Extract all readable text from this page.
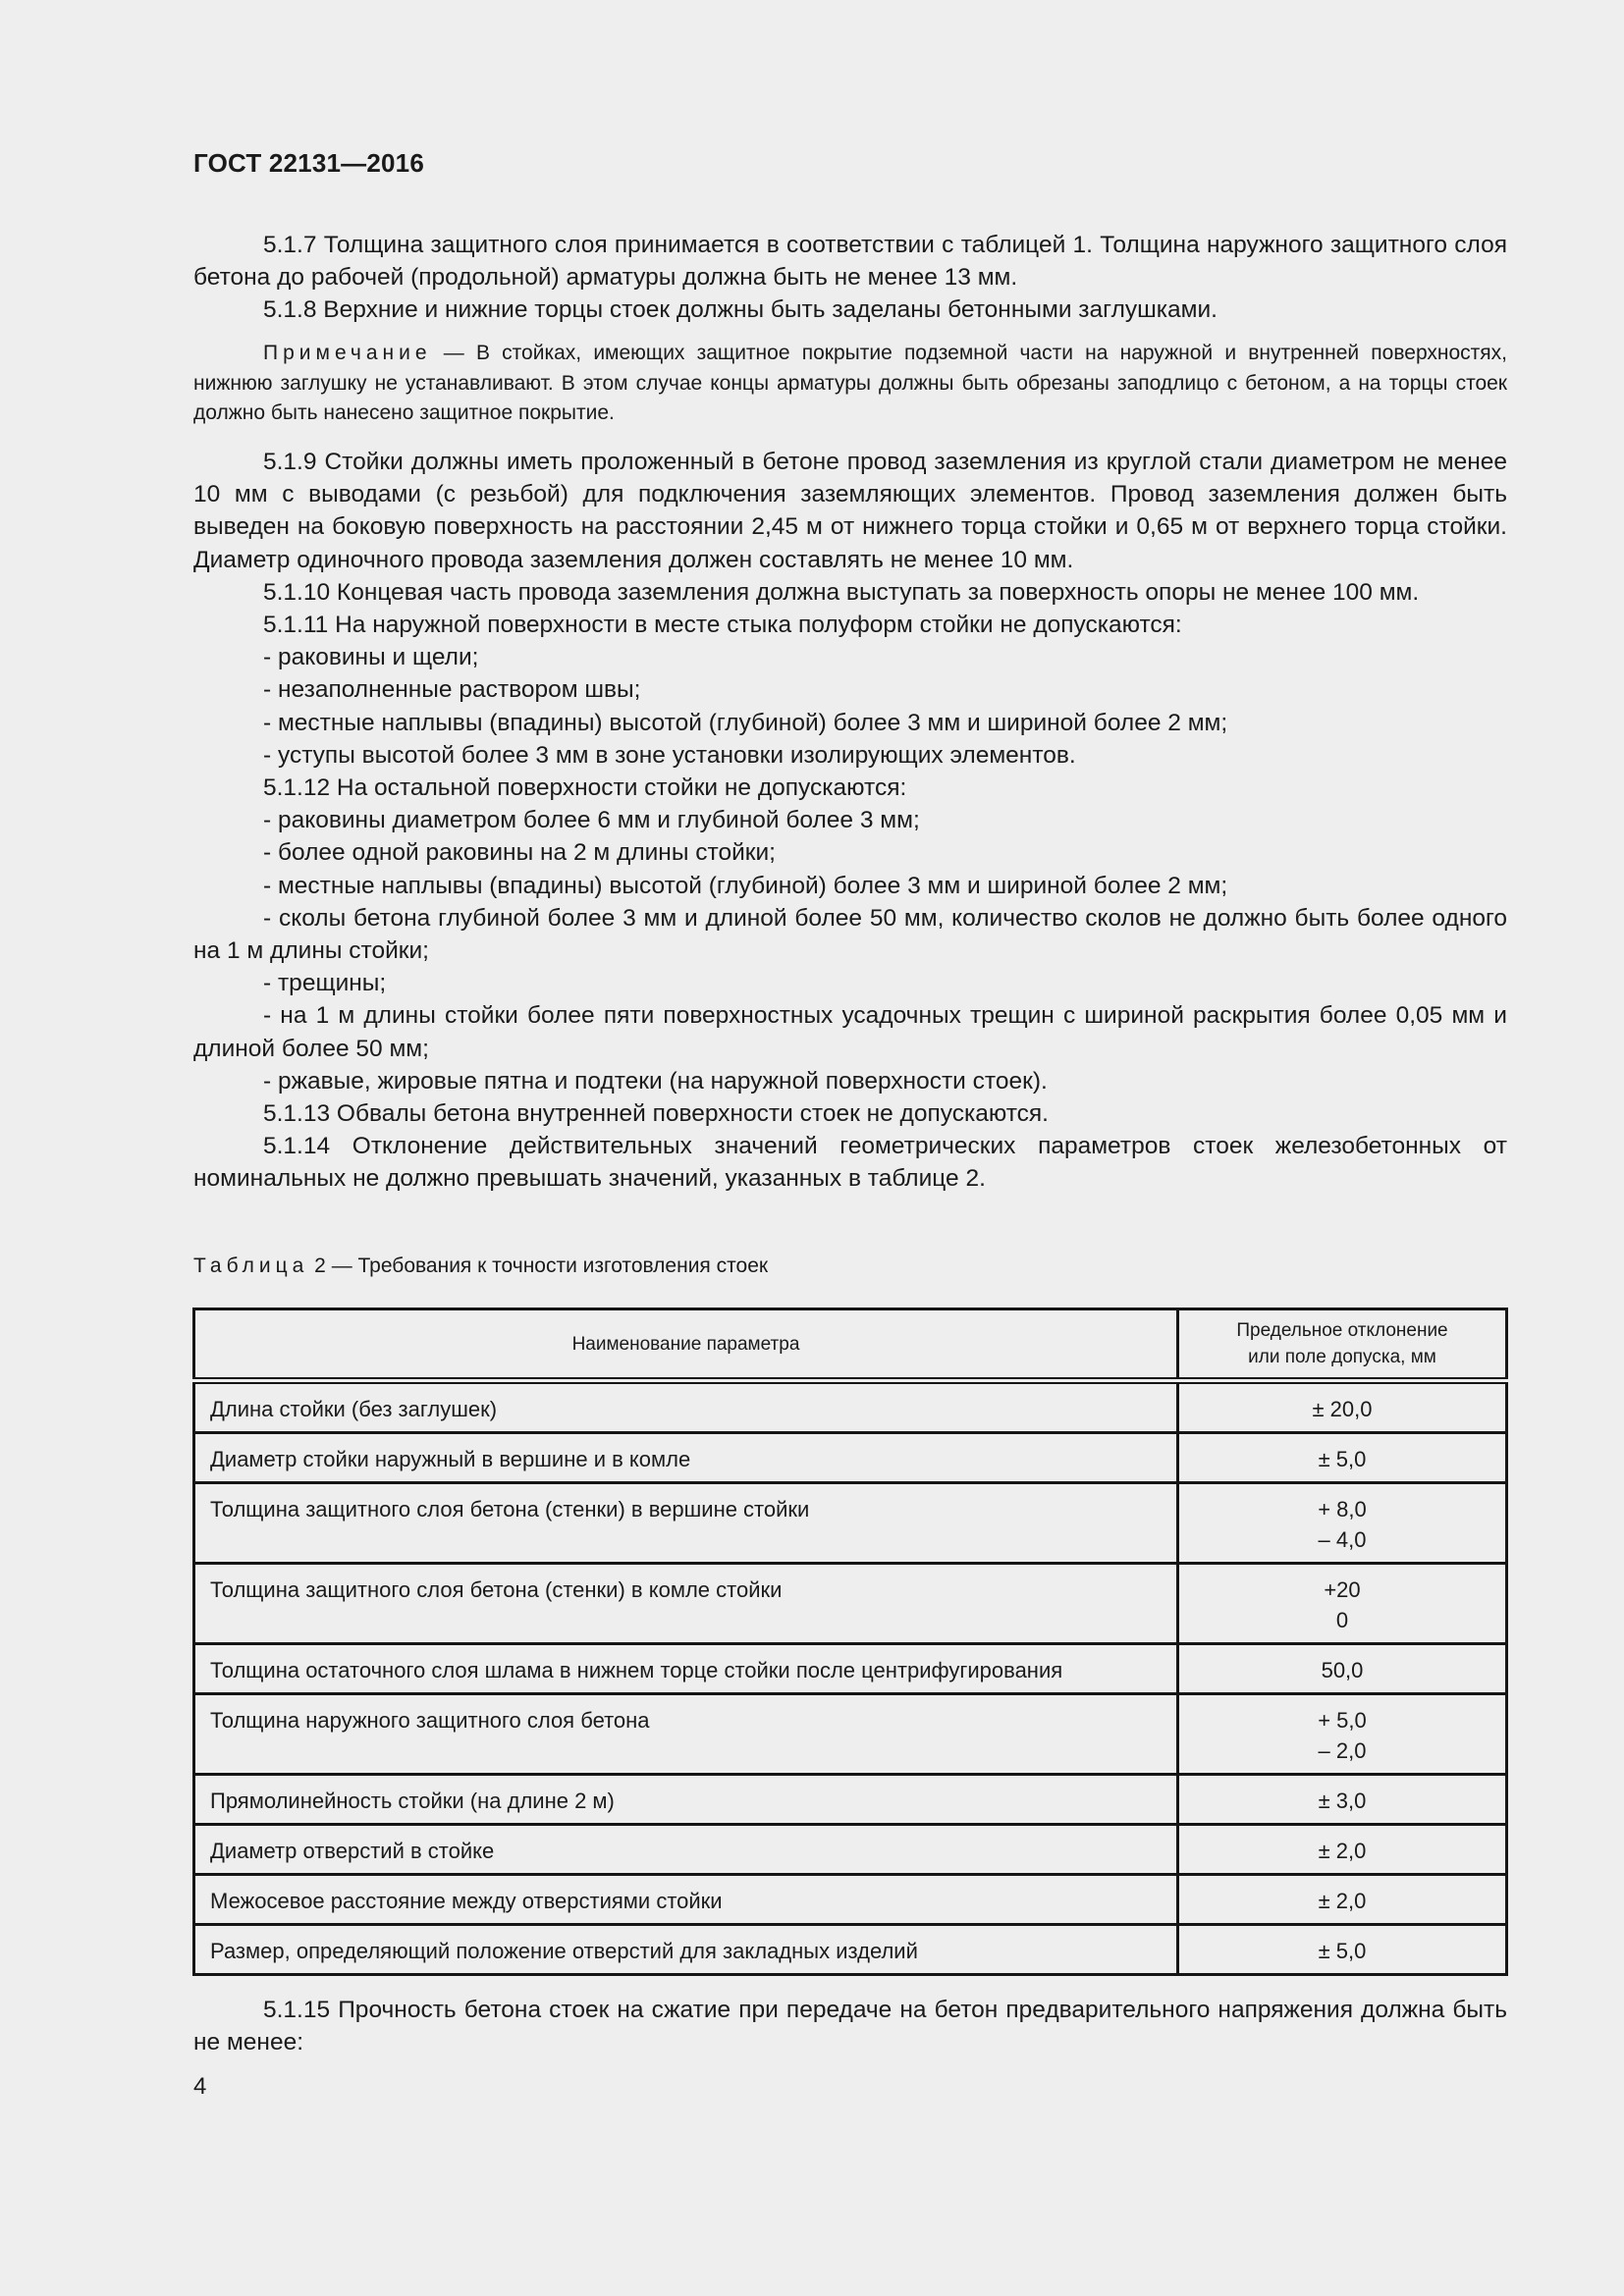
ГОСТ 22131—2016

5.1.7 Толщина защитного слоя принимается в соответствии с таблицей 1. Толщина наружного защитного слоя бетона до рабочей (продольной) арматуры должна быть не менее 13 мм.

5.1.8 Верхние и нижние торцы стоек должны быть заделаны бетонными заглушками.

Примечание — В стойках, имеющих защитное покрытие подземной части на наружной и внутренней поверхностях, нижнюю заглушку не устанавливают. В этом случае концы арматуры должны быть обрезаны заподлицо с бетоном, а на торцы стоек должно быть нанесено защитное покрытие.

5.1.9 Стойки должны иметь проложенный в бетоне провод заземления из круглой стали диаметром не менее 10 мм с выводами (с резьбой) для подключения заземляющих элементов. Провод заземления должен быть выведен на боковую поверхность на расстоянии 2,45 м от нижнего торца стойки и 0,65 м от верхнего торца стойки. Диаметр одиночного провода заземления должен составлять не менее 10 мм.

5.1.10 Концевая часть провода заземления должна выступать за поверхность опоры не менее 100 мм.

5.1.11 На наружной поверхности в месте стыка полуформ стойки не допускаются:

- раковины и щели;

- незаполненные раствором швы;

- местные наплывы (впадины) высотой (глубиной) более 3 мм и шириной более 2 мм;

- уступы высотой более 3 мм в зоне установки изолирующих элементов.

5.1.12 На остальной поверхности стойки не допускаются:

- раковины диаметром более 6 мм и глубиной более 3 мм;

- более одной раковины на 2 м длины стойки;

- местные наплывы (впадины) высотой (глубиной) более 3 мм и шириной более 2 мм;

- сколы бетона глубиной более 3 мм и длиной более 50 мм, количество сколов не должно быть более одного на 1 м длины стойки;

- трещины;

- на 1 м длины стойки более пяти поверхностных усадочных трещин с шириной раскрытия более 0,05 мм и длиной более 50 мм;

- ржавые, жировые пятна и подтеки (на наружной поверхности стоек).

5.1.13 Обвалы бетона внутренней поверхности стоек не допускаются.

5.1.14 Отклонение действительных значений геометрических параметров стоек железобетонных от номинальных не должно превышать значений, указанных в таблице 2.

Таблица 2 — Требования к точности изготовления стоек
Наименование параметра	Предельное отклонение
или поле допуска, мм

Длина стойки (без заглушек)	± 20,0

Диаметр стойки наружный в вершине и в комле	± 5,0

Толщина защитного слоя бетона (стенки) в вершине стойки	+ 8,0
– 4,0

Толщина защитного слоя бетона (стенки) в комле стойки	+20
0

Толщина остаточного слоя шлама в нижнем торце стойки после центрифугирования	50,0

Толщина наружного защитного слоя бетона	+ 5,0
– 2,0

Прямолинейность стойки (на длине 2 м)	± 3,0

Диаметр отверстий в стойке	± 2,0

Межосевое расстояние между отверстиями стойки	± 2,0

Размер, определяющий положение отверстий для закладных изделий	± 5,0

5.1.15 Прочность бетона стоек на сжатие при передаче на бетон предварительного напряжения должна быть не менее:

4
